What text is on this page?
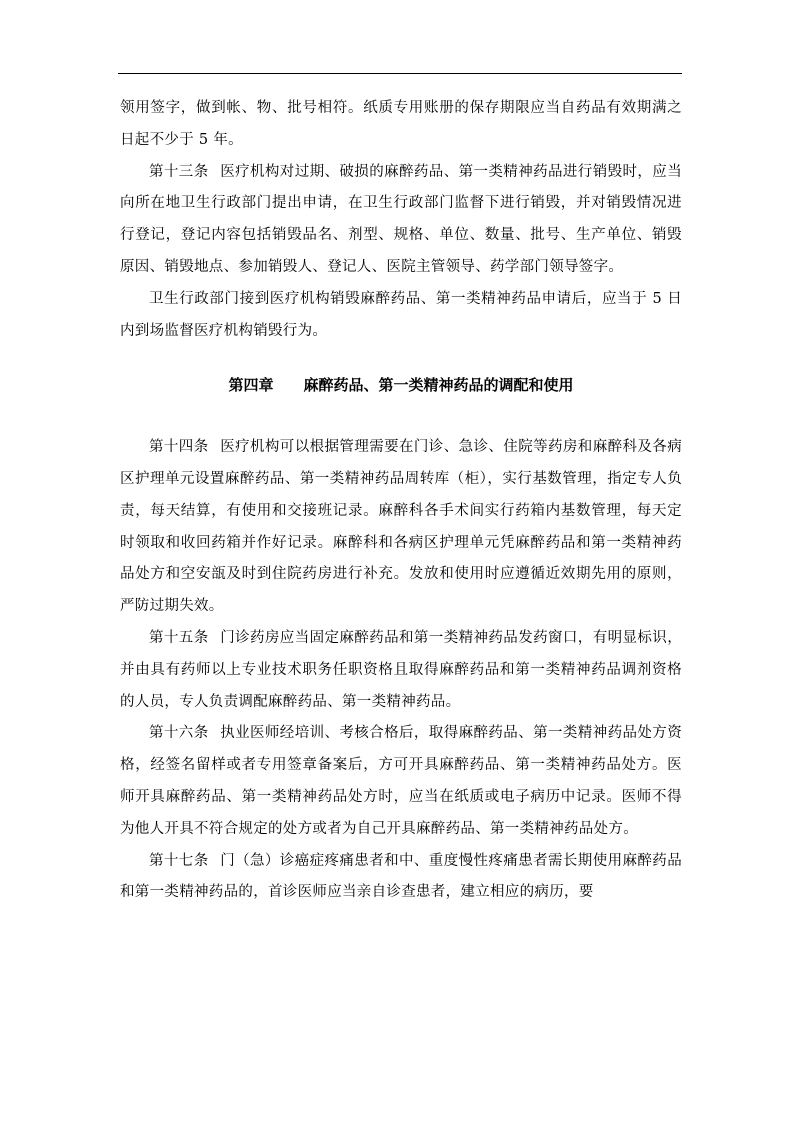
领用签字，做到帐、物、批号相符。纸质专用账册的保存期限应当自药品有效期满之日起不少于 5 年。

第十三条 医疗机构对过期、破损的麻醉药品、第一类精神药品进行销毁时，应当向所在地卫生行政部门提出申请，在卫生行政部门监督下进行销毁，并对销毁情况进行登记，登记内容包括销毁品名、剂型、规格、单位、数量、批号、生产单位、销毁原因、销毁地点、参加销毁人、登记人、医院主管领导、药学部门领导签字。

卫生行政部门接到医疗机构销毁麻醉药品、第一类精神药品申请后，应当于 5 日内到场监督医疗机构销毁行为。

第四章　　麻醉药品、第一类精神药品的调配和使用

第十四条 医疗机构可以根据管理需要在门诊、急诊、住院等药房和麻醉科及各病区护理单元设置麻醉药品、第一类精神药品周转库（柜），实行基数管理，指定专人负责，每天结算，有使用和交接班记录。麻醉科各手术间实行药箱内基数管理，每天定时领取和收回药箱并作好记录。麻醉科和各病区护理单元凭麻醉药品和第一类精神药品处方和空安瓿及时到住院药房进行补充。发放和使用时应遵循近效期先用的原则，严防过期失效。

第十五条 门诊药房应当固定麻醉药品和第一类精神药品发药窗口，有明显标识，并由具有药师以上专业技术职务任职资格且取得麻醉药品和第一类精神药品调剂资格的人员，专人负责调配麻醉药品、第一类精神药品。

第十六条 执业医师经培训、考核合格后，取得麻醉药品、第一类精神药品处方资格，经签名留样或者专用签章备案后，方可开具麻醉药品、第一类精神药品处方。医师开具麻醉药品、第一类精神药品处方时，应当在纸质或电子病历中记录。医师不得为他人开具不符合规定的处方或者为自己开具麻醉药品、第一类精神药品处方。

第十七条 门（急）诊癌症疼痛患者和中、重度慢性疼痛患者需长期使用麻醉药品和第一类精神药品的，首诊医师应当亲自诊查患者，建立相应的病历，要
